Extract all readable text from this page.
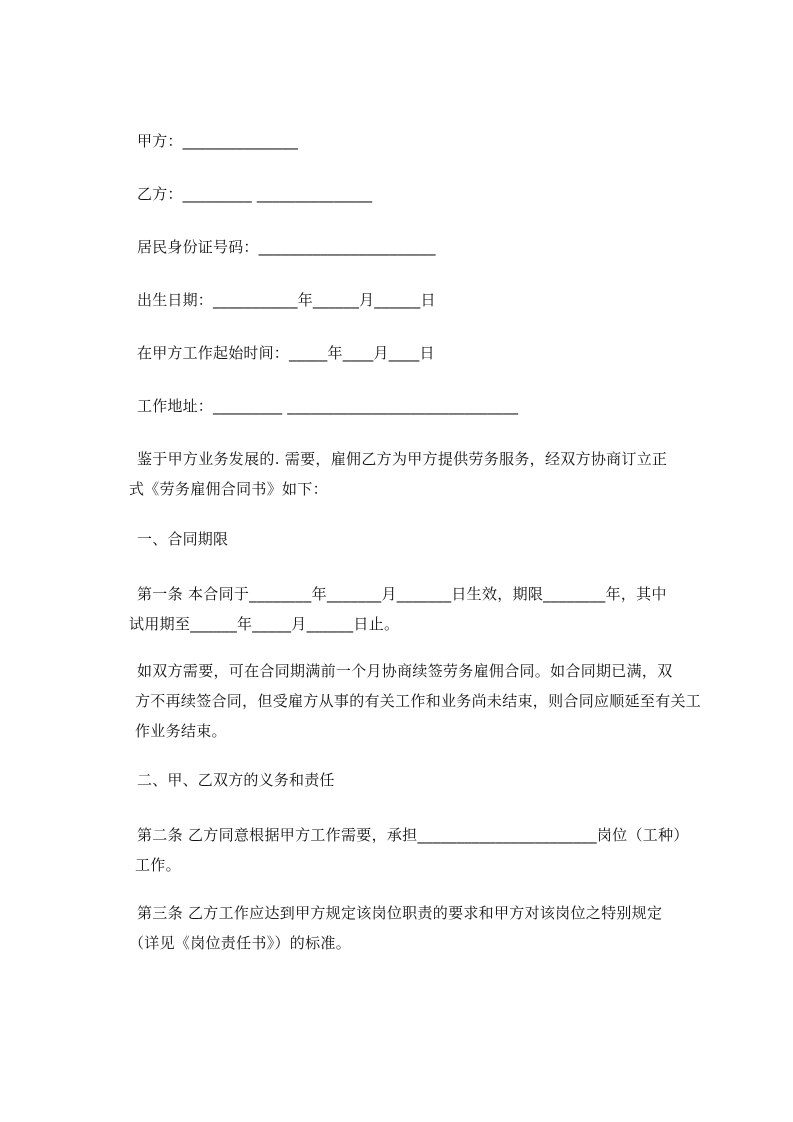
甲方：_______________
乙方：_________ _______________
居民身份证号码：_______________________
出生日期：___________年______月______日
在甲方工作起始时间：_____年____月____日
工作地址：_________ ______________________________
鉴于甲方业务发展的. 需要，雇佣乙方为甲方提供劳务服务，经双方协商订立正
式《劳务雇佣合同书》如下：
一、合同期限
第一条 本合同于________年_______月_______日生效，期限________年，其中
试用期至______年_____月______日止。
如双方需要，可在合同期满前一个月协商续签劳务雇佣合同。如合同期已满，双
方不再续签合同，但受雇方从事的有关工作和业务尚未结束，则合同应顺延至有关工
作业务结束。
二、甲、乙双方的义务和责任
第二条 乙方同意根据甲方工作需要，承担_______________________岗位（工种）
工作。
第三条 乙方工作应达到甲方规定该岗位职责的要求和甲方对该岗位之特别规定
（详见《岗位责任书》）的标准。
